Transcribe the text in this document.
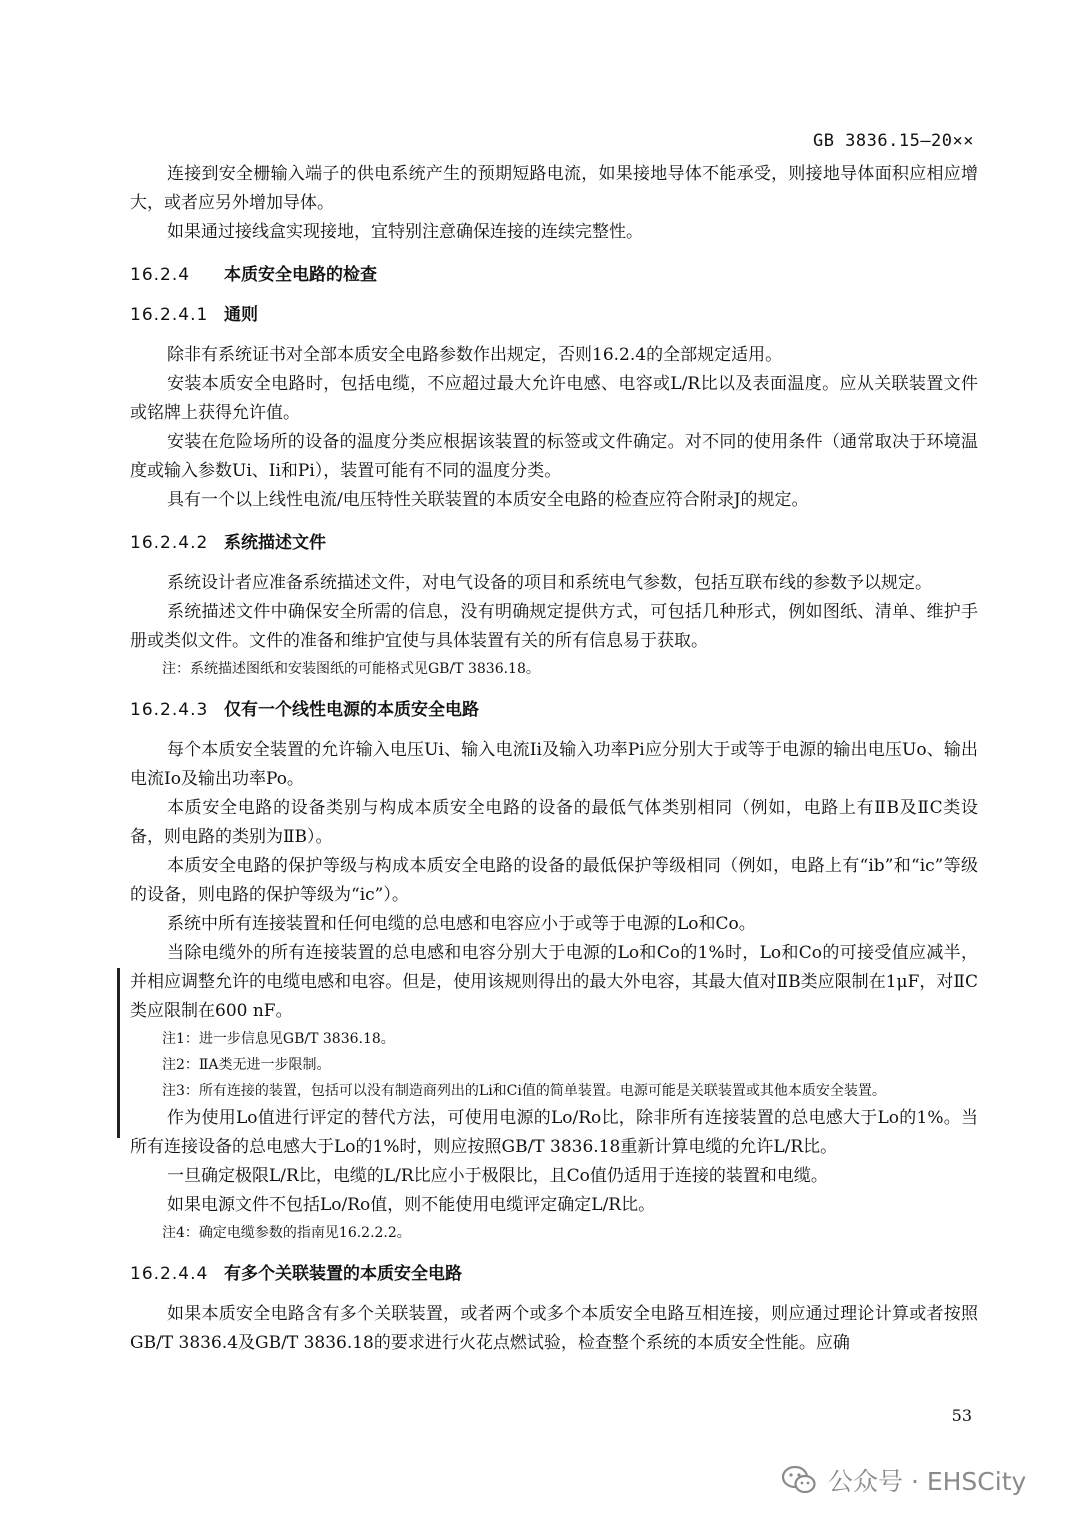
GB 3836.15—20××

连接到安全栅输入端子的供电系统产生的预期短路电流，如果接地导体不能承受，则接地导体面积应相应增大，或者应另外增加导体。

如果通过接线盒实现接地，宜特别注意确保连接的连续完整性。

16.2.4 本质安全电路的检查
16.2.4.1 通则

除非有系统证书对全部本质安全电路参数作出规定，否则16.2.4的全部规定适用。

安装本质安全电路时，包括电缆，不应超过最大允许电感、电容或L/R比以及表面温度。应从关联装置文件或铭牌上获得允许值。

安装在危险场所的设备的温度分类应根据该装置的标签或文件确定。对不同的使用条件（通常取决于环境温度或输入参数Ui、Ii和Pi），装置可能有不同的温度分类。

具有一个以上线性电流/电压特性关联装置的本质安全电路的检查应符合附录J的规定。

16.2.4.2 系统描述文件

系统设计者应准备系统描述文件，对电气设备的项目和系统电气参数，包括互联布线的参数予以规定。

系统描述文件中确保安全所需的信息，没有明确规定提供方式，可包括几种形式，例如图纸、清单、维护手册或类似文件。文件的准备和维护宜使与具体装置有关的所有信息易于获取。

注：系统描述图纸和安装图纸的可能格式见GB/T 3836.18。

16.2.4.3 仅有一个线性电源的本质安全电路

每个本质安全装置的允许输入电压Ui、输入电流Ii及输入功率Pi应分别大于或等于电源的输出电压Uo、输出电流Io及输出功率Po。

本质安全电路的设备类别与构成本质安全电路的设备的最低气体类别相同（例如，电路上有ⅡB及ⅡC类设备，则电路的类别为ⅡB）。

本质安全电路的保护等级与构成本质安全电路的设备的最低保护等级相同（例如，电路上有“ib”和“ic”等级的设备，则电路的保护等级为“ic”）。

系统中所有连接装置和任何电缆的总电感和电容应小于或等于电源的Lo和Co。

当除电缆外的所有连接装置的总电感和电容分别大于电源的Lo和Co的1%时，Lo和Co的可接受值应减半，并相应调整允许的电缆电感和电容。但是，使用该规则得出的最大外电容，其最大值对ⅡB类应限制在1μF，对ⅡC类应限制在600 nF。

注1：进一步信息见GB/T 3836.18。

注2：ⅡA类无进一步限制。

注3：所有连接的装置，包括可以没有制造商列出的Li和Ci值的简单装置。电源可能是关联装置或其他本质安全装置。

作为使用Lo值进行评定的替代方法，可使用电源的Lo/Ro比，除非所有连接装置的总电感大于Lo的1%。当所有连接设备的总电感大于Lo的1%时，则应按照GB/T 3836.18重新计算电缆的允许L/R比。

一旦确定极限L/R比，电缆的L/R比应小于极限比，且Co值仍适用于连接的装置和电缆。

如果电源文件不包括Lo/Ro值，则不能使用电缆评定确定L/R比。

注4：确定电缆参数的指南见16.2.2.2。

16.2.4.4 有多个关联装置的本质安全电路

如果本质安全电路含有多个关联装置，或者两个或多个本质安全电路互相连接，则应通过理论计算或者按照GB/T 3836.4及GB/T 3836.18的要求进行火花点燃试验，检查整个系统的本质安全性能。应确

53
公众号 · EHSCity
